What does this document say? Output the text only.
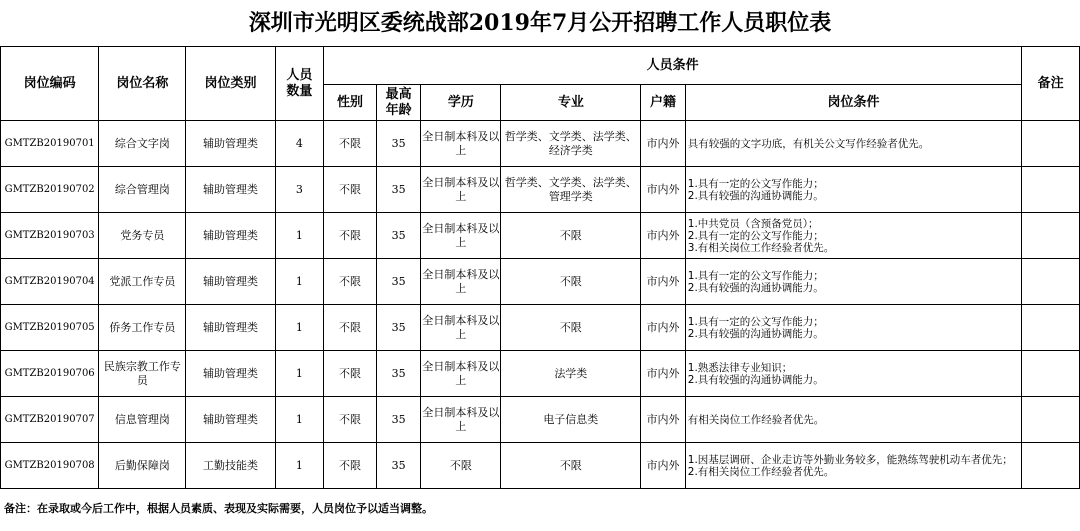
深圳市光明区委统战部2019年7月公开招聘工作人员职位表
岗位编码	岗位名称	岗位类别	人员数量	人员条件						备注
				性别	最高年龄	学历	专业	户籍	岗位条件	
GMTZB20190701	综合文字岗	辅助管理类	4	不限	35	全日制本科及以上	哲学类、文学类、法学类、经济学类	市内外	具有较强的文字功底，有机关公文写作经验者优先。	

GMTZB20190702	综合管理岗	辅助管理类	3	不限	35	全日制本科及以上	哲学类、文学类、法学类、管理学类	市内外	1.具有一定的公文写作能力；
2.具有较强的沟通协调能力。	

GMTZB20190703	党务专员	辅助管理类	1	不限	35	全日制本科及以上	不限	市内外	1.中共党员（含预备党员）；
2.具有一定的公文写作能力；
3.有相关岗位工作经验者优先。	

GMTZB20190704	党派工作专员	辅助管理类	1	不限	35	全日制本科及以上	不限	市内外	1.具有一定的公文写作能力；
2.具有较强的沟通协调能力。	

GMTZB20190705	侨务工作专员	辅助管理类	1	不限	35	全日制本科及以上	不限	市内外	1.具有一定的公文写作能力；
2.具有较强的沟通协调能力。	

GMTZB20190706	民族宗教工作专员	辅助管理类	1	不限	35	全日制本科及以上	法学类	市内外	1.熟悉法律专业知识；
2.具有较强的沟通协调能力。	

GMTZB20190707	信息管理岗	辅助管理类	1	不限	35	全日制本科及以上	电子信息类	市内外	有相关岗位工作经验者优先。	

GMTZB20190708	后勤保障岗	工勤技能类	1	不限	35	不限	不限	市内外	1.因基层调研、企业走访等外勤业务较多，能熟练驾驶机动车者优先；
2.有相关岗位工作经验者优先。	

备注：在录取或今后工作中，根据人员素质、表现及实际需要，人员岗位予以适当调整。
